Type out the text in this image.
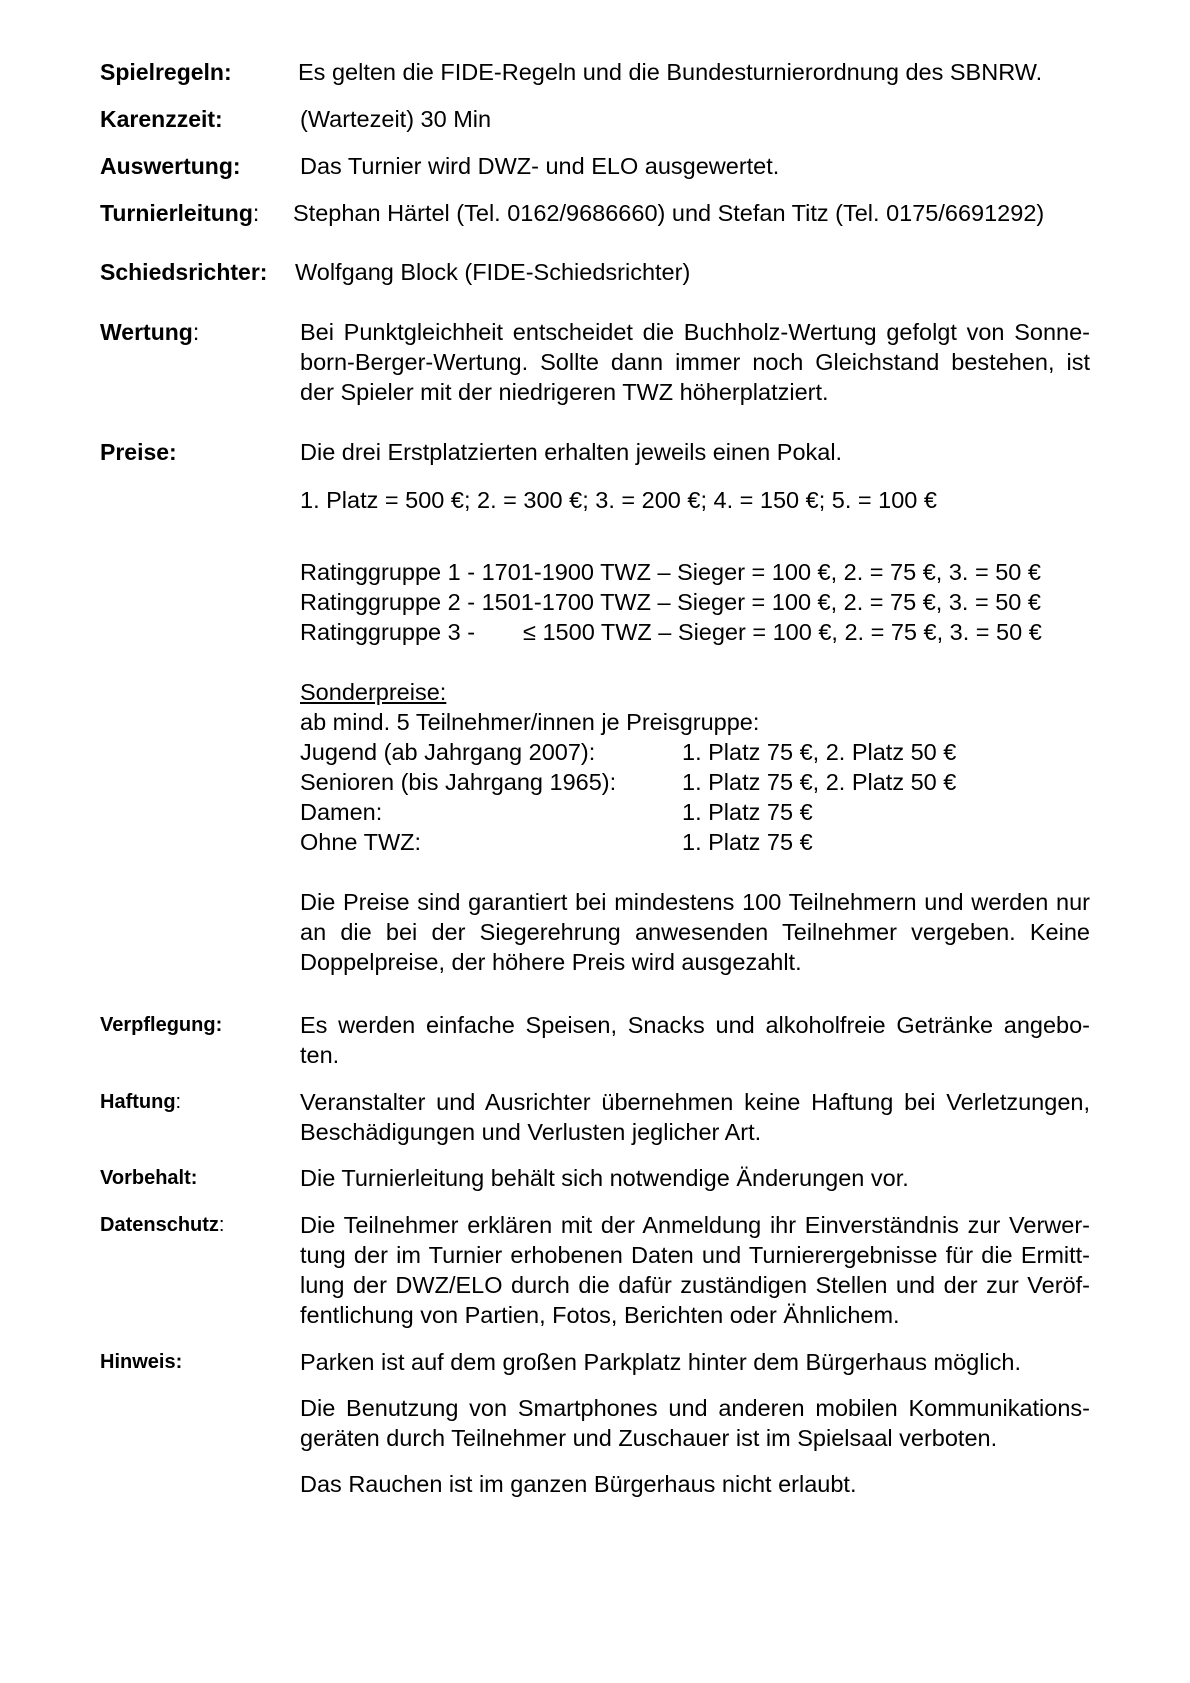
Spielregeln:	Es gelten die FIDE-Regeln und die Bundesturnierordnung des SBNRW.

Karenzzeit:	(Wartezeit) 30 Min

Auswertung:	Das Turnier wird DWZ- und ELO ausgewertet.

Turnierleitung: Stephan Härtel (Tel. 0162/9686660) und Stefan Titz (Tel. 0175/6691292)

Schiedsrichter: Wolfgang Block (FIDE-Schiedsrichter)

Wertung:	Bei Punktgleichheit entscheidet die Buchholz-Wertung gefolgt von Sonne-born-Berger-Wertung. Sollte dann immer noch Gleichstand bestehen, ist der Spieler mit der niedrigeren TWZ höherplatziert.

Preise:	Die drei Erstplatzierten erhalten jeweils einen Pokal.

1. Platz = 500 €; 2. = 300 €; 3. = 200 €; 4. = 150 €; 5. = 100 €

Ratinggruppe 1 - 1701-1900 TWZ – Sieger = 100 €, 2. = 75 €, 3. = 50 €

Ratinggruppe 2 - 1501-1700 TWZ – Sieger = 100 €, 2. = 75 €, 3. = 50 €

Ratinggruppe 3 - ≤ 1500 TWZ – Sieger = 100 €, 2. = 75 €, 3. = 50 €

Sonderpreise:

ab mind. 5 Teilnehmer/innen je Preisgruppe:

Jugend (ab Jahrgang 2007):	1. Platz 75 €, 2. Platz 50 €
Senioren (bis Jahrgang 1965):	1. Platz 75 €, 2. Platz 50 €
Damen:	1. Platz 75 €
Ohne TWZ:	1. Platz 75 €

Die Preise sind garantiert bei mindestens 100 Teilnehmern und werden nur an die bei der Siegerehrung anwesenden Teilnehmer vergeben. Keine Doppelpreise, der höhere Preis wird ausgezahlt.

Verpflegung:	Es werden einfache Speisen, Snacks und alkoholfreie Getränke angebo-ten.

Haftung:	Veranstalter und Ausrichter übernehmen keine Haftung bei Verletzungen, Beschädigungen und Verlusten jeglicher Art.

Vorbehalt:	Die Turnierleitung behält sich notwendige Änderungen vor.

Datenschutz:	Die Teilnehmer erklären mit der Anmeldung ihr Einverständnis zur Verwer-tung der im Turnier erhobenen Daten und Turnierergebnisse für die Ermitt-lung der DWZ/ELO durch die dafür zuständigen Stellen und der zur Veröf-fentlichung von Partien, Fotos, Berichten oder Ähnlichem.

Hinweis:	Parken ist auf dem großen Parkplatz hinter dem Bürgerhaus möglich.

Die Benutzung von Smartphones und anderen mobilen Kommunikations-geräten durch Teilnehmer und Zuschauer ist im Spielsaal verboten.

Das Rauchen ist im ganzen Bürgerhaus nicht erlaubt.
